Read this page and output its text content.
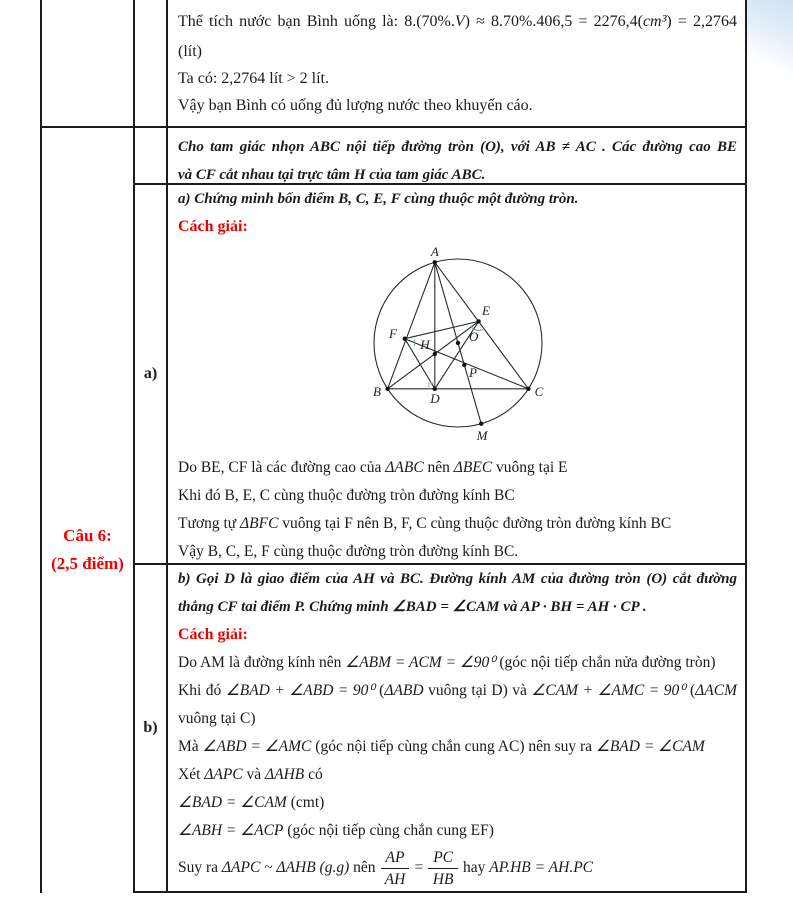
Thể tích nước bạn Bình uống là: 8.(70%.V) ≈ 8.70%.406,5 = 2276,4(cm³) = 2,2764

(lít)

Ta có: 2,2764 lít > 2 lít.

Vậy bạn Bình có uống đủ lượng nước theo khuyến cáo.

Câu 6:
(2,5 điểm)

Cho tam giác nhọn ABC nội tiếp đường tròn (O), với AB ≠ AC . Các đường cao BE

và CF cắt nhau tại trực tâm H của tam giác ABC.

a)

a) Chứng minh bốn điểm B, C, E, F cùng thuộc một đường tròn.

Cách giải:

A
B	C
D
E
F
H
O
P
M

Do BE, CF là các đường cao của ΔABC nên ΔBEC vuông tại E

Khi đó B, E, C cùng thuộc đường tròn đường kính BC

Tương tự ΔBFC vuông tại F nên B, F, C cùng thuộc đường tròn đường kính BC

Vậy B, C, E, F cùng thuộc đường tròn đường kính BC.

b)

b) Gọi D là giao điểm của AH và BC. Đường kính AM của đường tròn (O) cắt đường

thẳng CF tai điểm P. Chứng minh ∠BAD = ∠CAM và AP · BH = AH · CP .

Cách giải:

Do AM là đường kính nên ∠ABM = ACM = ∠90⁰ (góc nội tiếp chắn nửa đường tròn)

Khi đó ∠BAD + ∠ABD = 90⁰ (ΔABD vuông tại D) và ∠CAM + ∠AMC = 90⁰ (ΔACM

vuông tại C)

Mà ∠ABD = ∠AMC (góc nội tiếp cùng chắn cung AC) nên suy ra ∠BAD = ∠CAM

Xét ΔAPC và ΔAHB có

∠BAD = ∠CAM (cmt)

∠ABH = ∠ACP (góc nội tiếp cùng chắn cung EF)

Suy ra ΔAPC ~ ΔAHB (g.g) nên $\frac{AP}{AH} = \frac{PC}{HB}$ hay AP.HB = AH.PC
